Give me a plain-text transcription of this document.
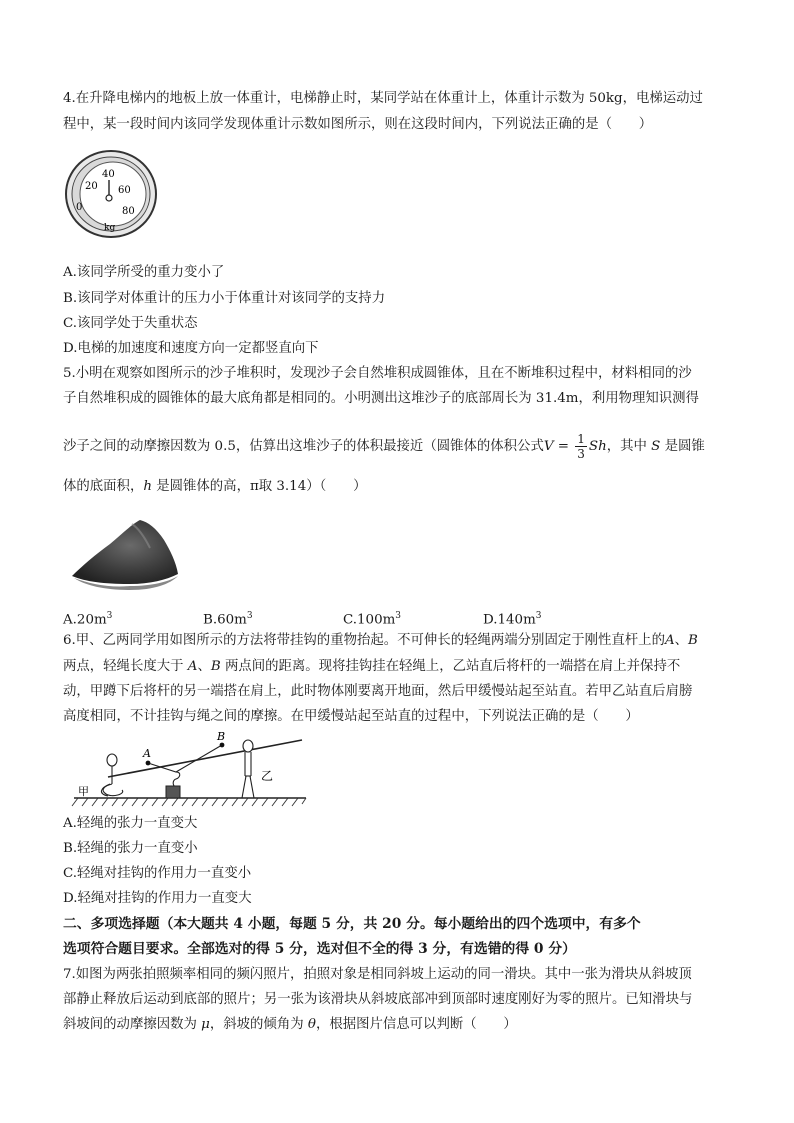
4.在升降电梯内的地板上放一体重计，电梯静止时，某同学站在体重计上，体重计示数为 50kg，电梯运动过
程中，某一段时间内该同学发现体重计示数如图所示，则在这段时间内，下列说法正确的是（　　）
0
20
40
60
80
kg
A.该同学所受的重力变小了
B.该同学对体重计的压力小于体重计对该同学的支持力
C.该同学处于失重状态
D.电梯的加速度和速度方向一定都竖直向下
5.小明在观察如图所示的沙子堆积时，发现沙子会自然堆积成圆锥体，且在不断堆积过程中，材料相同的沙
子自然堆积成的圆锥体的最大底角都是相同的。小明测出这堆沙子的底部周长为 31.4m，利用物理知识测得
沙子之间的动摩擦因数为 0.5，估算出这堆沙子的体积最接近（圆锥体的体积公式$V = \frac{1}{3}$ Sh，其中 S 是圆锥
体的底面积，h 是圆锥体的高，π取 3.14）（　　）
$A.20m^3$	$B.60m^3$	$C.100m^3$	$D.140m^3$
6.甲、乙两同学用如图所示的方法将带挂钩的重物抬起。不可伸长的轻绳两端分别固定于刚性直杆上的A、B
两点，轻绳长度大于 A、B 两点间的距离。现将挂钩挂在轻绳上，乙站直后将杆的一端搭在肩上并保持不
动，甲蹲下后将杆的另一端搭在肩上，此时物体刚要离开地面，然后甲缓慢站起至站直。若甲乙站直后肩膀
高度相同，不计挂钩与绳之间的摩擦。在甲缓慢站起至站直的过程中，下列说法正确的是（　　）
A
B
甲
乙
A.轻绳的张力一直变大
B.轻绳的张力一直变小
C.轻绳对挂钩的作用力一直变小
D.轻绳对挂钩的作用力一直变大
二、多项选择题（本大题共 4 小题，每题 5 分，共 20 分。每小题给出的四个选项中，有多个
选项符合题目要求。全部选对的得 5 分，选对但不全的得 3 分，有选错的得 0 分）
7.如图为两张拍照频率相同的频闪照片，拍照对象是相同斜坡上运动的同一滑块。其中一张为滑块从斜坡顶
部静止释放后运动到底部的照片；另一张为该滑块从斜坡底部冲到顶部时速度刚好为零的照片。已知滑块与
斜坡间的动摩擦因数为 μ，斜坡的倾角为 θ，根据图片信息可以判断（　　）
